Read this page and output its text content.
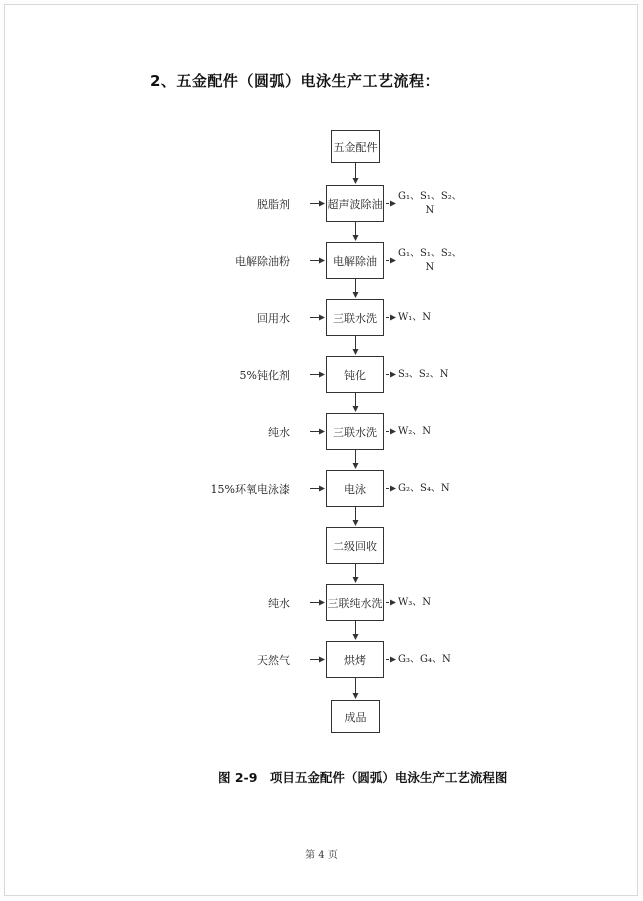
2、五金配件（圆弧）电泳生产工艺流程：
五金配件
超声波除油
脱脂剂
G₁、S₁、S₂、
N
电解除油
电解除油粉
G₁、S₁、S₂、
N
三联水洗
回用水	W₁、N
钝化
5%钝化剂	S₃、S₂、N
三联水洗
纯水	W₂、N
电泳
15%环氧电泳漆	G₂、S₄、N
二级回收
三联纯水洗
纯水	W₃、N
烘烤
天然气	G₃、G₄、N
成品
图 2-9　项目五金配件（圆弧）电泳生产工艺流程图
第 4 页
